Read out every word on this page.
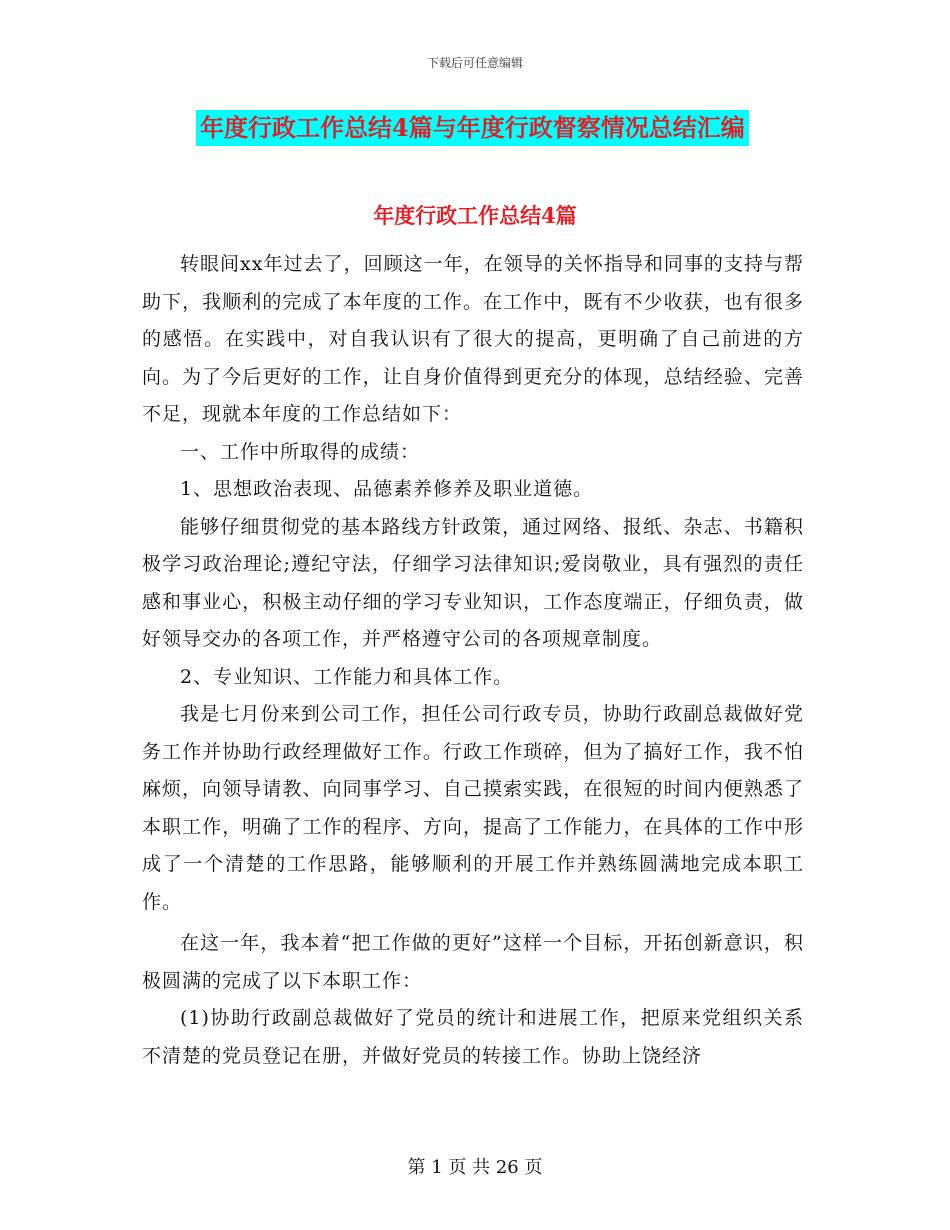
下载后可任意编辑
年度行政工作总结4篇与年度行政督察情况总结汇编
年度行政工作总结4篇

转眼间xx年过去了，回顾这一年，在领导的关怀指导和同事的支持与帮助下，我顺利的完成了本年度的工作。在工作中，既有不少收获，也有很多的感悟。在实践中，对自我认识有了很大的提高，更明确了自己前进的方向。为了今后更好的工作，让自身价值得到更充分的体现，总结经验、完善不足，现就本年度的工作总结如下：

一、工作中所取得的成绩：

1、思想政治表现、品德素养修养及职业道德。

能够仔细贯彻党的基本路线方针政策，通过网络、报纸、杂志、书籍积极学习政治理论;遵纪守法，仔细学习法律知识;爱岗敬业，具有强烈的责任感和事业心，积极主动仔细的学习专业知识，工作态度端正，仔细负责，做好领导交办的各项工作，并严格遵守公司的各项规章制度。

2、专业知识、工作能力和具体工作。

我是七月份来到公司工作，担任公司行政专员，协助行政副总裁做好党务工作并协助行政经理做好工作。行政工作琐碎，但为了搞好工作，我不怕麻烦，向领导请教、向同事学习、自己摸索实践，在很短的时间内便熟悉了本职工作，明确了工作的程序、方向，提高了工作能力，在具体的工作中形成了一个清楚的工作思路，能够顺利的开展工作并熟练圆满地完成本职工作。

在这一年，我本着“把工作做的更好”这样一个目标，开拓创新意识，积极圆满的完成了以下本职工作：

(1)协助行政副总裁做好了党员的统计和进展工作，把原来党组织关系不清楚的党员登记在册，并做好党员的转接工作。协助上饶经济

第 1 页 共 26 页
